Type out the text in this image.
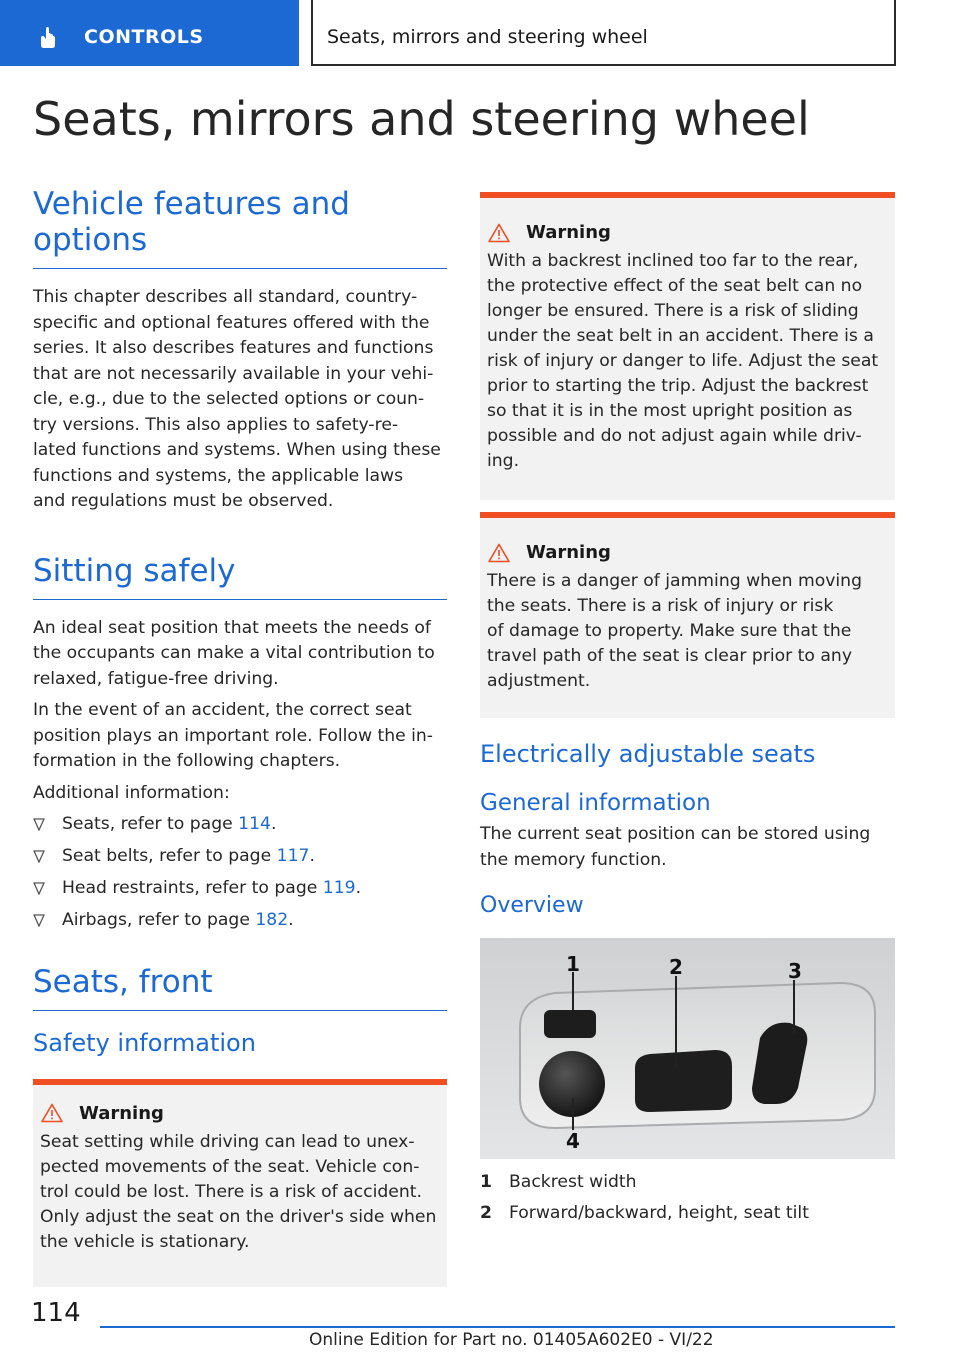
CONTROLS	Seats, mirrors and steering wheel
Seats, mirrors and steering wheel
Vehicle features and options
This chapter describes all standard, country-
specific and optional features offered with the
series. It also describes features and functions
that are not necessarily available in your vehi-
cle, e.g., due to the selected options or coun-
try versions. This also applies to safety-re-
lated functions and systems. When using these
functions and systems, the applicable laws
and regulations must be observed.
Sitting safely
An ideal seat position that meets the needs of
the occupants can make a vital contribution to
relaxed, fatigue-free driving.
In the event of an accident, the correct seat
position plays an important role. Follow the in-
formation in the following chapters.
Additional information:
Seats, refer to page 114.
Seat belts, refer to page 117.
Head restraints, refer to page 119.
Airbags, refer to page 182.
Seats, front
Safety information
Warning
Seat setting while driving can lead to unex-
pected movements of the seat. Vehicle con-
trol could be lost. There is a risk of accident.
Only adjust the seat on the driver's side when
the vehicle is stationary.
Warning
With a backrest inclined too far to the rear,
the protective effect of the seat belt can no
longer be ensured. There is a risk of sliding
under the seat belt in an accident. There is a
risk of injury or danger to life. Adjust the seat
prior to starting the trip. Adjust the backrest
so that it is in the most upright position as
possible and do not adjust again while driv-
ing.
Warning
There is a danger of jamming when moving
the seats. There is a risk of injury or risk
of damage to property. Make sure that the
travel path of the seat is clear prior to any
adjustment.
Electrically adjustable seats
General information
The current seat position can be stored using
the memory function.
Overview
1	2	3
4
1 Backrest width
2 Forward/backward, height, seat tilt
114
Online Edition for Part no. 01405A602E0 - VI/22
